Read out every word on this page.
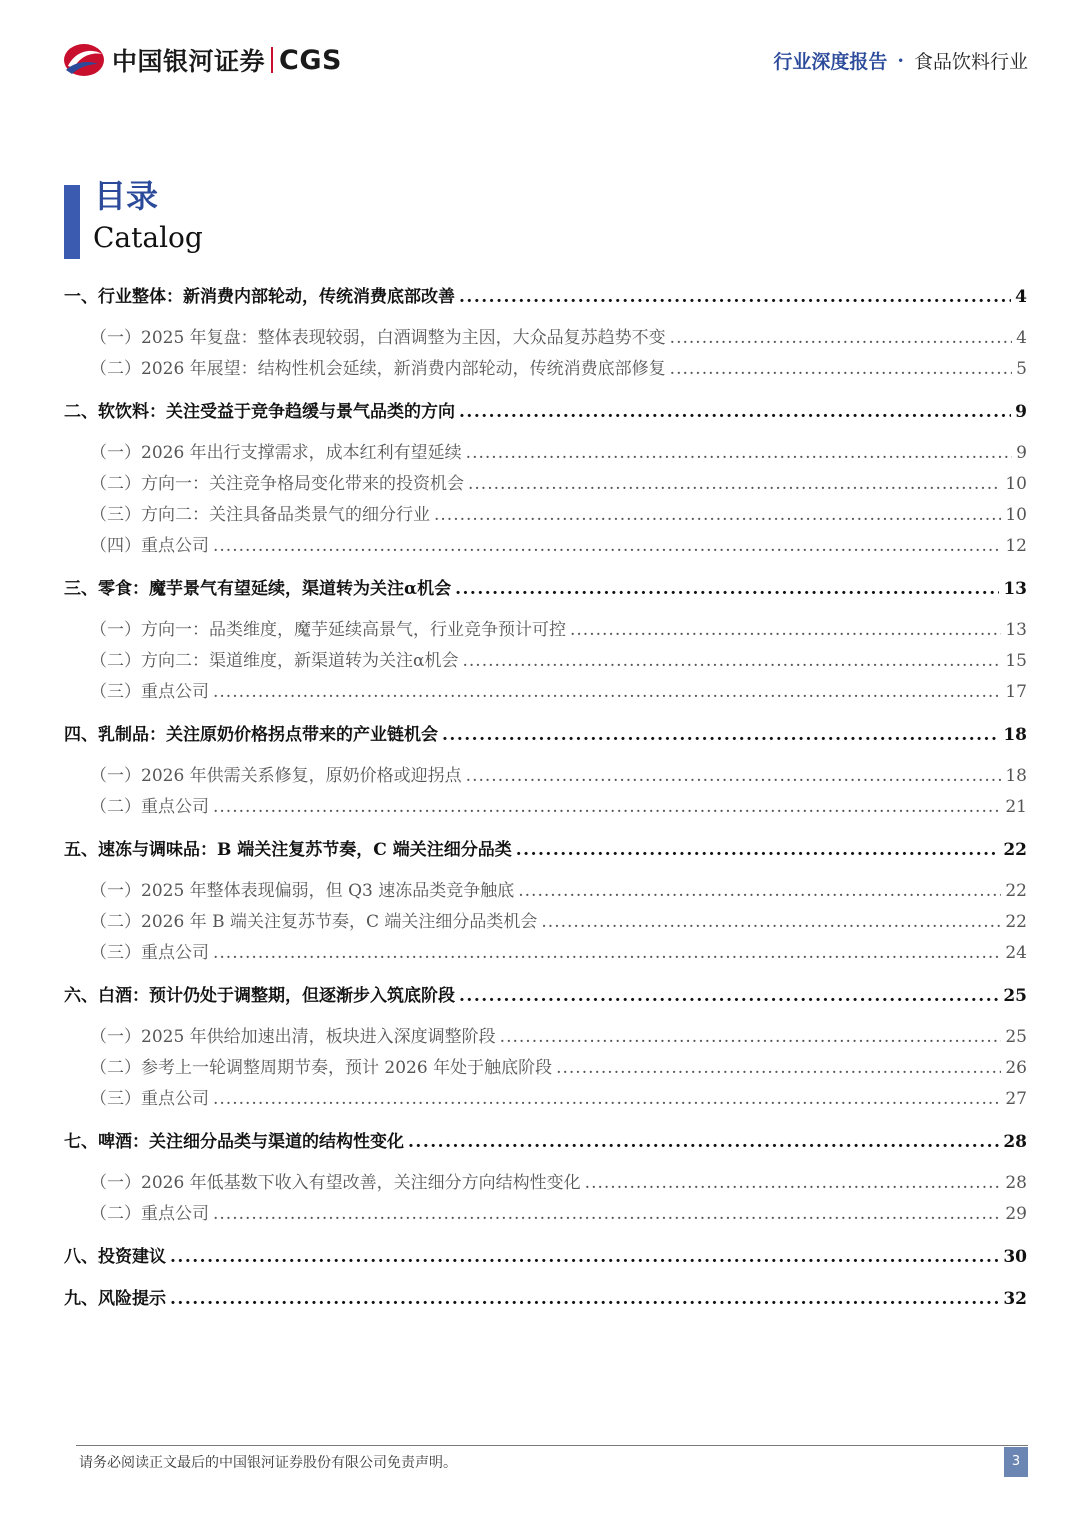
中国银河证券 CGS	行业深度报告 · 食品饮料行业
目录
Catalog
一、 行业整体：新消费内部轮动，传统消费底部改善 .....	4
（一） 2025 年复盘：整体表现较弱，白酒调整为主因，大众品复苏趋势不变 .....	4
（二） 2026 年展望：结构性机会延续，新消费内部轮动，传统消费底部修复 .....	5
二、 软饮料：关注受益于竞争趋缓与景气品类的方向 .....	9
（一） 2026 年出行支撑需求，成本红利有望延续 .....	9
（二） 方向一：关注竞争格局变化带来的投资机会 .....	10
（三） 方向二：关注具备品类景气的细分行业 .....	10
（四） 重点公司 .....	12
三、 零食：魔芋景气有望延续，渠道转为关注α机会 .....	13
（一） 方向一：品类维度，魔芋延续高景气，行业竞争预计可控 .....	13
（二） 方向二：渠道维度，新渠道转为关注α机会 .....	15
（三） 重点公司 .....	17
四、 乳制品：关注原奶价格拐点带来的产业链机会 .....	18
（一） 2026 年供需关系修复，原奶价格或迎拐点 .....	18
（二） 重点公司 .....	21
五、 速冻与调味品：B 端关注复苏节奏，C 端关注细分品类 .....	22
（一） 2025 年整体表现偏弱，但 Q3 速冻品类竞争触底 .....	22
（二） 2026 年 B 端关注复苏节奏，C 端关注细分品类机会 .....	22
（三） 重点公司 .....	24
六、 白酒：预计仍处于调整期，但逐渐步入筑底阶段 .....	25
（一） 2025 年供给加速出清，板块进入深度调整阶段 .....	25
（二） 参考上一轮调整周期节奏，预计 2026 年处于触底阶段 .....	26
（三） 重点公司 .....	27
七、 啤酒：关注细分品类与渠道的结构性变化 .....	28
（一） 2026 年低基数下收入有望改善，关注细分方向结构性变化 .....	28
（二） 重点公司 .....	29
八、 投资建议 .....	30
九、 风险提示 .....	32
请务必阅读正文最后的中国银河证券股份有限公司免责声明。	3
